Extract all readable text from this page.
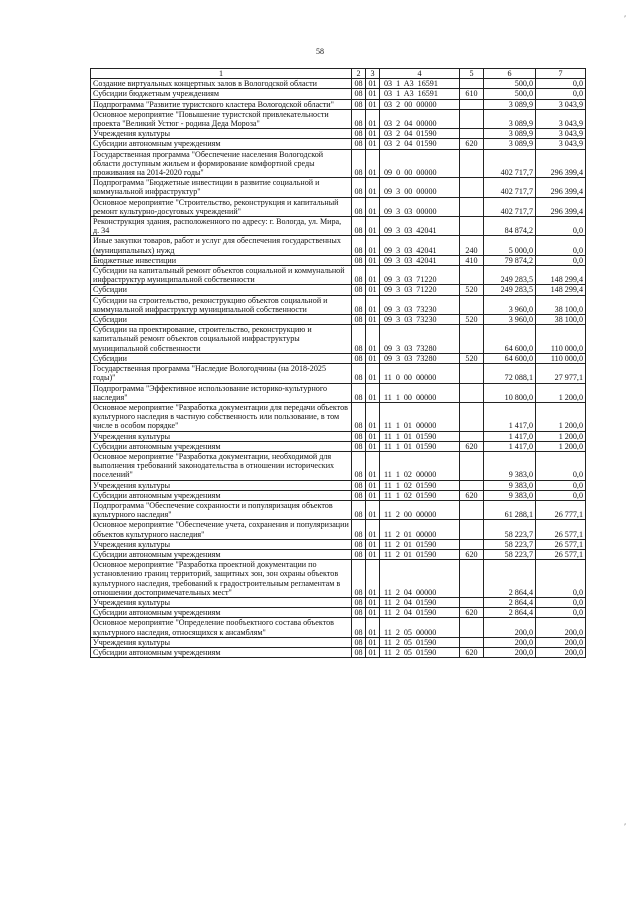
58
1	2	3	4	5	6	7
Создание виртуальных концертных залов в Вологодской области	08	01	03 1 A3 16591		500,0	0,0
Субсидии бюджетным учреждениям	08	01	03 1 A3 16591	610	500,0	0,0
Подпрограмма "Развитие туристского кластера Вологодской области"	08	01	03 2 00 00000		3 089,9	3 043,9
Основное мероприятие "Повышение туристской привлекательности проекта "Великий Устюг - родина Деда Мороза"	08	01	03 2 04 00000		3 089,9	3 043,9
Учреждения культуры	08	01	03 2 04 01590		3 089,9	3 043,9
Субсидии автономным учреждениям	08	01	03 2 04 01590	620	3 089,9	3 043,9
Государственная программа "Обеспечение населения Вологодской области доступным жильем и формирование комфортной среды проживания на 2014-2020 годы"	08	01	09 0 00 00000		402 717,7	296 399,4
Подпрограмма "Бюджетные инвестиции в развитие социальной и коммунальной инфраструктур"	08	01	09 3 00 00000		402 717,7	296 399,4
Основное мероприятие "Строительство, реконструкция и капитальный ремонт культурно-досуговых учреждений"	08	01	09 3 03 00000		402 717,7	296 399,4
Реконструкция здания, расположенного по адресу: г. Вологда, ул. Мира, д. 34	08	01	09 3 03 42041		84 874,2	0,0
Иные закупки товаров, работ и услуг для обеспечения государственных (муниципальных) нужд	08	01	09 3 03 42041	240	5 000,0	0,0
Бюджетные инвестиции	08	01	09 3 03 42041	410	79 874,2	0,0
Субсидии на капитальный ремонт объектов социальной и коммунальной инфраструктур муниципальной собственности	08	01	09 3 03 71220		249 283,5	148 299,4
Субсидии	08	01	09 3 03 71220	520	249 283,5	148 299,4
Субсидии на строительство, реконструкцию объектов социальной и коммунальной инфраструктур муниципальной собственности	08	01	09 3 03 73230		3 960,0	38 100,0
Субсидии	08	01	09 3 03 73230	520	3 960,0	38 100,0
Субсидии на проектирование, строительство, реконструкцию и капитальный ремонт объектов социальной инфраструктуры муниципальной собственности	08	01	09 3 03 73280		64 600,0	110 000,0
Субсидии	08	01	09 3 03 73280	520	64 600,0	110 000,0
Государственная программа "Наследие Вологодчины (на 2018-2025 годы)"	08	01	11 0 00 00000		72 088,1	27 977,1
Подпрограмма "Эффективное использование историко-культурного наследия"	08	01	11 1 00 00000		10 800,0	1 200,0
Основное мероприятие "Разработка документации для передачи объектов культурного наследия в частную собственность или пользование, в том числе в особом порядке"	08	01	11 1 01 00000		1 417,0	1 200,0
Учреждения культуры	08	01	11 1 01 01590		1 417,0	1 200,0
Субсидии автономным учреждениям	08	01	11 1 01 01590	620	1 417,0	1 200,0
Основное мероприятие "Разработка документации, необходимой для выполнения требований законодательства в отношении исторических поселений"	08	01	11 1 02 00000		9 383,0	0,0
Учреждения культуры	08	01	11 1 02 01590		9 383,0	0,0
Субсидии автономным учреждениям	08	01	11 1 02 01590	620	9 383,0	0,0
Подпрограмма "Обеспечение сохранности и популяризация объектов культурного наследия"	08	01	11 2 00 00000		61 288,1	26 777,1
Основное мероприятие "Обеспечение учета, сохранения и популяризации объектов культурного наследия"	08	01	11 2 01 00000		58 223,7	26 577,1
Учреждения культуры	08	01	11 2 01 01590		58 223,7	26 577,1
Субсидии автономным учреждениям	08	01	11 2 01 01590	620	58 223,7	26 577,1
Основное мероприятие "Разработка проектной документации по установлению границ территорий, защитных зон, зон охраны объектов культурного наследия, требований к градостроительным регламентам в отношении достопримечательных мест"	08	01	11 2 04 00000		2 864,4	0,0
Учреждения культуры	08	01	11 2 04 01590		2 864,4	0,0
Субсидии автономным учреждениям	08	01	11 2 04 01590	620	2 864,4	0,0
Основное мероприятие "Определение пообъектного состава объектов культурного наследия, относящихся к ансамблям"	08	01	11 2 05 00000		200,0	200,0
Учреждения культуры	08	01	11 2 05 01590		200,0	200,0
Субсидии автономным учреждениям	08	01	11 2 05 01590	620	200,0	200,0
′
′
